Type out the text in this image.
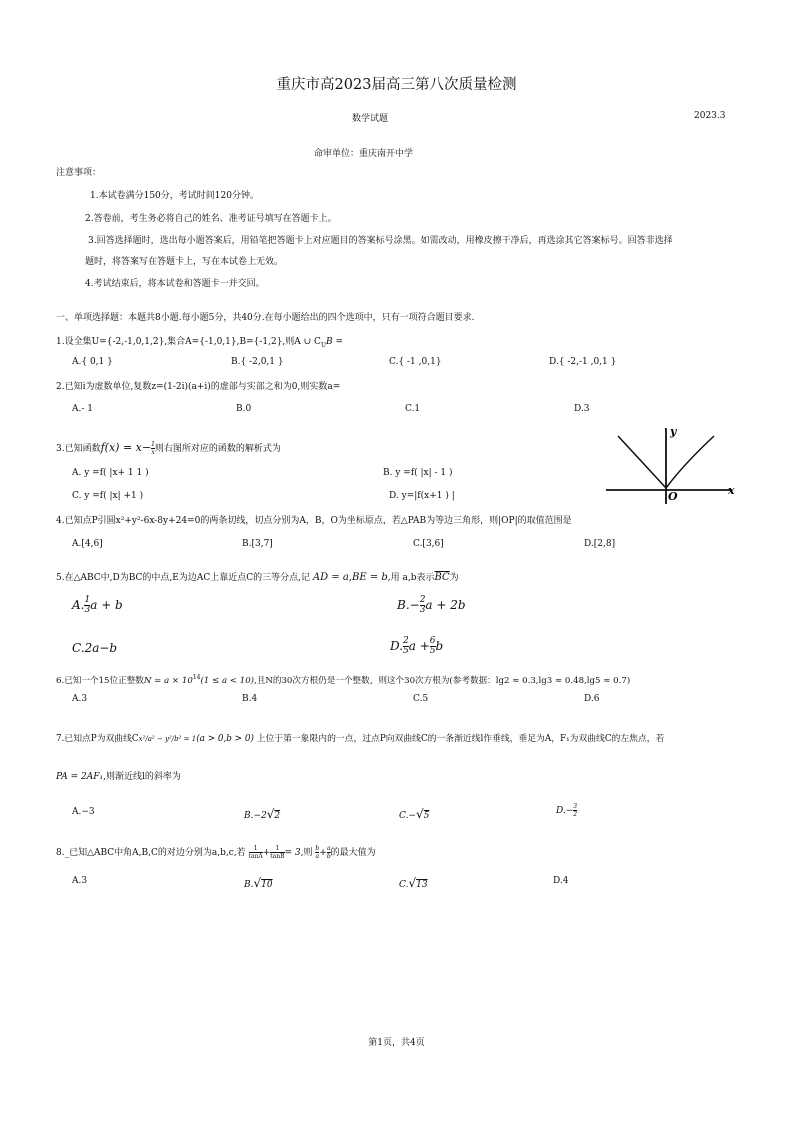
重庆市高2023届高三第八次质量检测
数学试题	2023.3
命审单位：重庆南开中学
注意事项：
1.本试卷满分150分，考试时间120分钟。
2.答卷前，考生务必将自己的姓名、准考证号填写在答题卡上。
3.回答选择题时，选出每小题答案后，用铅笔把答题卡上对应题目的答案标号涂黑。如需改动，用橡皮擦干净后，再选涂其它答案标号。回答非选择
题时，将答案写在答题卡上，写在本试卷上无效。
4.考试结束后，将本试卷和答题卡一并交回。
一、单项选择题：本题共8小题.每小题5分，共40分.在每小题给出的四个选项中，只有一项符合题目要求.
1.设全集U={-2,-1,0,1,2},集合A={-1,0,1},B={-1,2},则A ∪ $C_UB$ =
A.{ 0,1 }	B.{ -2,0,1 }	C.{ -1 ,0,1}	D.{ -2,-1 ,0,1 }
2.已知i为虚数单位,复数z=(1-2i)(a+i)的虚部与实部之和为0,则实数a=
A.- 1	B.0	C.1	D.3
3.已知函数$f(x) = x- \frac{1}{x}$ 则右图所对应的函数的解析式为
A. y =f( |x+ 1 1 )	B. y =f( |x| - 1 )
C. y =f( |x| +1 )	D. y=|f(x+1 ) |
y
x
O
4.已知点P引圆x²+y²-6x-8y+24=0的两条切线，切点分别为A，B，O为坐标原点，若△PAB为等边三角形，则|OP|的取值范围是
A.[4,6]	B.[3,7]	C.[3,6]	D.[2,8]
5.在△ABC中,D为BC的中点,E为边AC上靠近点C的三等分点,记 AD = a,BE = b,用 a,b表示$\overline{BC}$为
A. $\frac{1}{3}$ a + b	$B.- \frac{2}{3}$ a + 2b
C.2a−b	D. $\frac{2}{5}$ $a + \frac{6}{5}$ b
6.已知一个15位正整数$N = a \times 10^{14}(1 \le a < 10)$,且N的30次方根仍是一个整数，则这个30次方根为(参考数据：lg2 ≈ 0.3,lg3 ≈ 0.48,lg5 ≈ 0.7)
A.3	B.4	C.5	D.6
7.已知点P为双曲线Cx²/a² − y²/b² = 1(a > 0,b > 0) 上位于第一象限内的一点，过点P向双曲线C的一条渐近线l作垂线，垂足为A，F₁为双曲线C的左焦点，若
PA = 2AF₁,则渐近线l的斜率为
A.−3	B.−2√2	C.−√5	$D.- \frac{3}{2}$
8._已知△ABC中角A,B,C的对边分别为a,b,c,若 $\frac{1}{\tan A} + \frac{1}{\tan B} = 3$,则 $\frac{b}{a} + \frac{a}{b}$ 的最大值为
A.3	B.√10	C.√13	D.4
第1页，共4页
